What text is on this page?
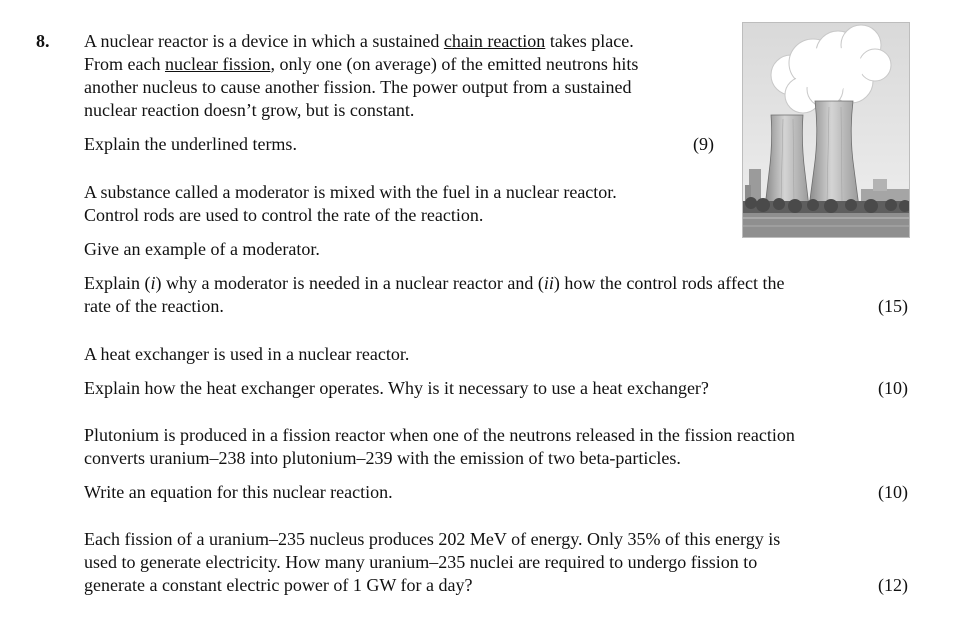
8. A nuclear reactor is a device in which a sustained chain reaction takes place.

From each nuclear fission, only one (on average) of the emitted neutrons hits

another nucleus to cause another fission. The power output from a sustained

nuclear reaction doesn’t grow, but is constant.

Explain the underlined terms.	(9)

A substance called a moderator is mixed with the fuel in a nuclear reactor.

Control rods are used to control the rate of the reaction.

Give an example of a moderator.

Explain (i) why a moderator is needed in a nuclear reactor and (ii) how the control rods affect the

rate of the reaction.	(15)

A heat exchanger is used in a nuclear reactor.

Explain how the heat exchanger operates. Why is it necessary to use a heat exchanger?	(10)

Plutonium is produced in a fission reactor when one of the neutrons released in the fission reaction

converts uranium–238 into plutonium–239 with the emission of two beta-particles.

Write an equation for this nuclear reaction.	(10)

Each fission of a uranium–235 nucleus produces 202 MeV of energy. Only 35% of this energy is

used to generate electricity. How many uranium–235 nuclei are required to undergo fission to

generate a constant electric power of 1 GW for a day?	(12)
